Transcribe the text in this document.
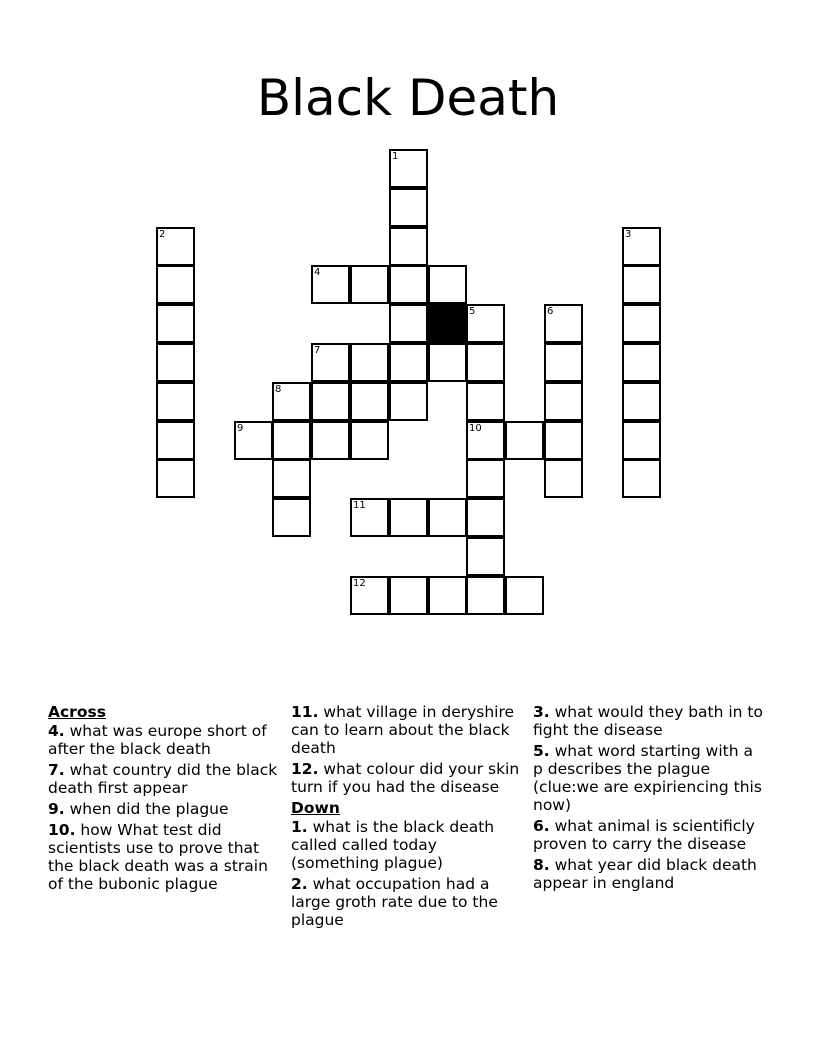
Black Death
1
2	3
4
5
10
6
7
8
9
11
12
Across
4. what was europe short of after the black death
7. what country did the black death first appear
9. when did the plague
10. how What test did scientists use to prove that the black death was a strain of the bubonic plague
11. what village in deryshire can to learn about the black death
12. what colour did your skin turn if you had the disease
Down
1. what is the black death called called today (something plague)
2. what occupation had a large groth rate due to the plague
3. what would they bath in to fight the disease
5. what word starting with a p describes the plague (clue:we are expiriencing this now)
6. what animal is scientificly proven to carry the disease
8. what year did black death appear in england
